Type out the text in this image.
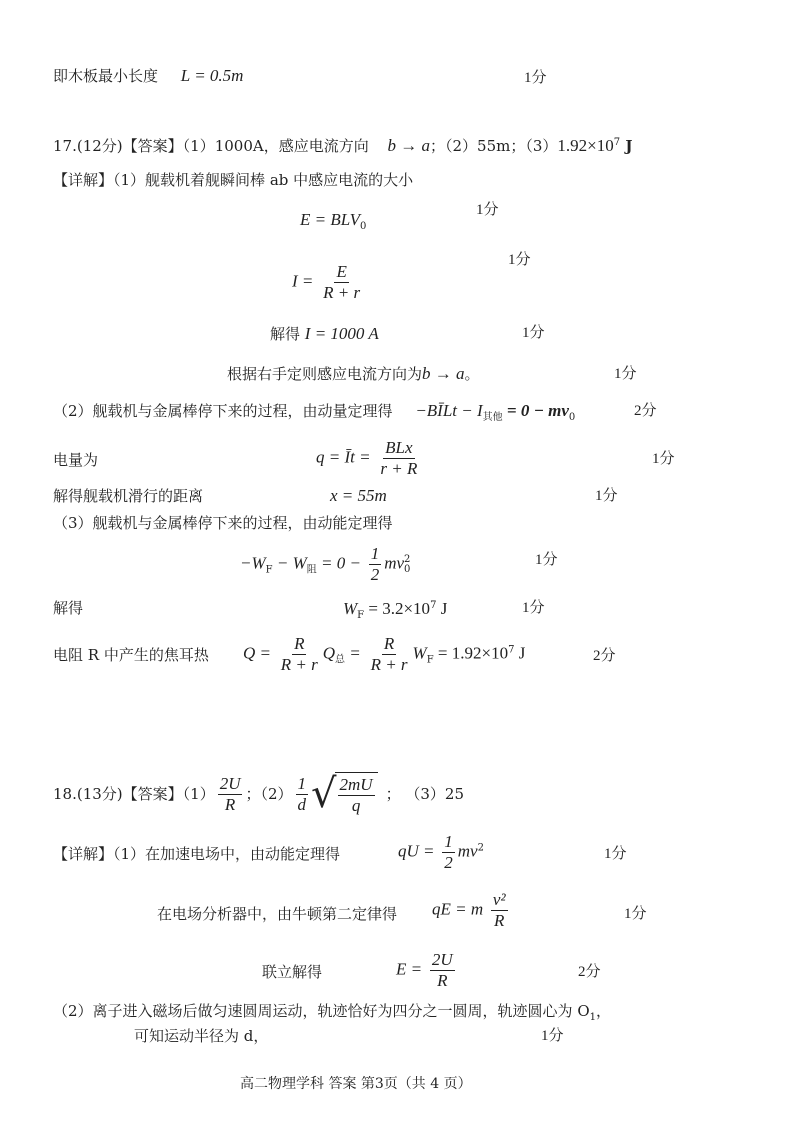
即木板最小长度 L = 0.5m	1分
17.(12分)【答案】（1）1000A，感应电流方向 b → a；（2）55m；$(3)1.92\times 10^7$ J
【详解】（1）舰载机着舰瞬间棒 ab 中感应电流的大小
$E = BLV_0$
1分
$I = \frac{E}{R + r}$
1分
解得 I = 1000 A	1分
根据右手定则感应电流方向为b → a。	1分
（2）舰载机与金属棒停下来的过程，由动量定理得 −BĪLt − $I_{其他} = 0 - mv_0$	2分
电量为	q = Īt = $\frac{\text{BLx}}{r + R}$	1分
解得舰载机滑行的距离	x = 55m	1分
（3）舰载机与金属棒停下来的过程，由动能定理得
$-W_F - W_阻 = 0 - \frac{1}{2}$ mv 2
0
1分
解得	$W_F = 3.2\times 10^7$ J	1分
电阻 R 中产生的焦耳热 $Q = \frac{R}{R + r} Q_总 = \frac{R}{R + r} W_F = 1.92\times 10^7$ J	2分
18.(13分)【答案】$(1) \frac{2U}{R}$ ；$(2) \frac{1}{d}$ √ $\frac{2mU}{q}$ ； （3）25
【详解】（1）在加速电场中，由动能定理得	qU = $\frac{1}{2} mv^2$	1分
在电场分析器中，由牛顿第二定律得 qE = m $\frac{\text{v²}}{R}$	1分
联立解得	$E = \frac{2U}{R}$	2分
（2）离子进入磁场后做匀速圆周运动，轨迹恰好为四分之一圆周，轨迹圆心为 $O_1$，
可知运动半径为 d，	1分
高二物理学科 答案 第3页（共 4 页）
